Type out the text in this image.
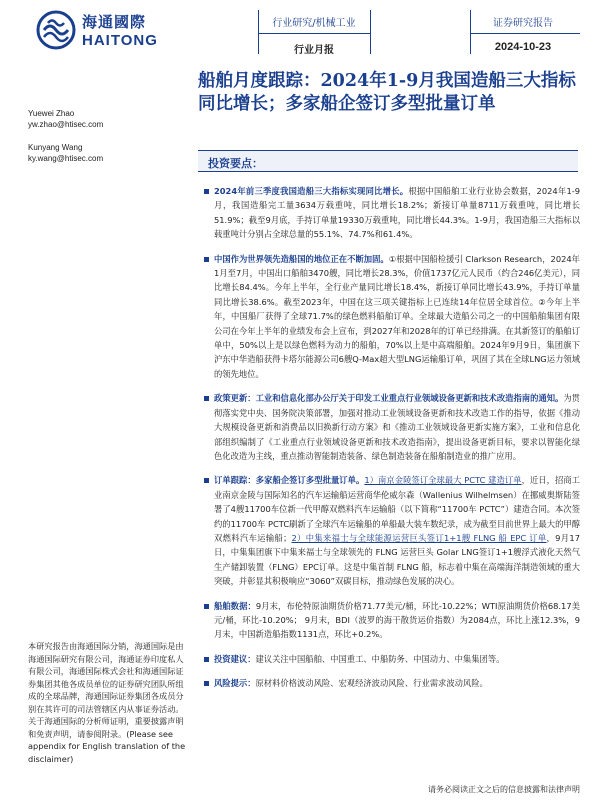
海通國際
HAITONG
行业研究/机械工业
行业月报
证券研究报告
2024-10-23
船舶月度跟踪：2024年1-9月我国造船三大指标同比增长；多家船企签订多型批量订单
Yuewei Zhao
yw.zhao@htisec.com
Kunyang Wang
ky.wang@htisec.com	投资要点：
2024年前三季度我国造船三大指标实现同比增长。根据中国船舶工业行业协会数据，2024年1-9月，我国造船完工量3634万载重吨，同比增长18.2%；新接订单量8711万载重吨，同比增长51.9%；截至9月底，手持订单量19330万载重吨，同比增长44.3%。1-9月，我国造船三大指标以载重吨计分别占全球总量的55.1%、74.7%和61.4%。
中国作为世界领先造船国的地位正在不断加固。①根据中国船检援引 Clarkson Research，2024年1月至7月，中国出口船舶3470艘，同比增长28.3%，价值1737亿元人民币（约合246亿美元），同比增长84.4%。今年上半年，全行业产量同比增长18.4%，新接订单同比增长43.9%，手持订单量同比增长38.6%。截至2023年，中国在这三项关键指标上已连续14年位居全球首位。②今年上半年，中国船厂获得了全球71.7%的绿色燃料船舶订单。全球最大造船公司之一的中国船舶集团有限公司在今年上半年的业绩发布会上宣布，到2027年和2028年的订单已经排满。在其新签订的船舶订单中，50%以上是以绿色燃料为动力的船舶，70%以上是中高端船舶。2024年9月9日，集团旗下沪东中华造船获得卡塔尔能源公司6艘Q-Max超大型LNG运输船订单，巩固了其在全球LNG运力领域的领先地位。
政策更新：工业和信息化部办公厅关于印发工业重点行业领域设备更新和技术改造指南的通知。为贯彻落实党中央、国务院决策部署，加强对推动工业领域设备更新和技术改造工作的指导，依据《推动大规模设备更新和消费品以旧换新行动方案》和《推动工业领域设备更新实施方案》，工业和信息化部组织编制了《工业重点行业领域设备更新和技术改造指南》，提出设备更新目标，要求以智能化绿色化改造为主线，重点推动智能制造装备、绿色制造装备在船舶制造业的推广应用。
订单跟踪：多家船企签订多型批量订单。1）南京金陵签订全球最大 PCTC 建造订单，近日，招商工业南京金陵与国际知名的汽车运输船运营商华伦威尔森（Wallenius Wilhelmsen）在挪威奥斯陆签署了4艘11700车位新一代甲醇双燃料汽车运输船（以下简称“11700车 PCTC”）建造合同。本次签约的11700车 PCTC刷新了全球汽车运输船的单船最大装车数纪录，成为截至目前世界上最大的甲醇双燃料汽车运输船；2）中集来福士与全球能源运营巨头签订1+1艘 FLNG 船 EPC 订单，9月17日，中集集团旗下中集来福士与全球领先的 FLNG 运营巨头 Golar LNG签订1+1艘浮式液化天然气生产储卸装置（FLNG）EPC订单。这是中集首制 FLNG 船，标志着中集在高端海洋制造领域的重大突破，并彰显其积极响应“3060”双碳目标，推动绿色发展的决心。
船舶数据：9月末，布伦特原油期货价格71.77美元/桶，环比-10.22%；WTI原油期货价格68.17美元/桶，环比-10.20%； 9月末，BDI（波罗的海干散货运价指数）为2084点，环比上涨12.3%，9月末，中国新造船指数1131点，环比+0.2%。
投资建议：建议关注中国船舶、中国重工、中船防务、中国动力、中集集团等。
风险提示：原材料价格波动风险、宏观经济波动风险、行业需求波动风险。
本研究报告由海通国际分销，海通国际是由海通国际研究有限公司，海通证券印度私人有限公司，海通国际株式会社和海通国际证券集团其他各成员单位的证券研究团队所组成的全球品牌，海通国际证券集团各成员分别在其许可的司法管辖区内从事证券活动。关于海通国际的分析师证明，重要披露声明和免责声明，请参阅附录。(Please see appendix for English translation of the disclaimer)
请务必阅读正文之后的信息披露和法律声明
